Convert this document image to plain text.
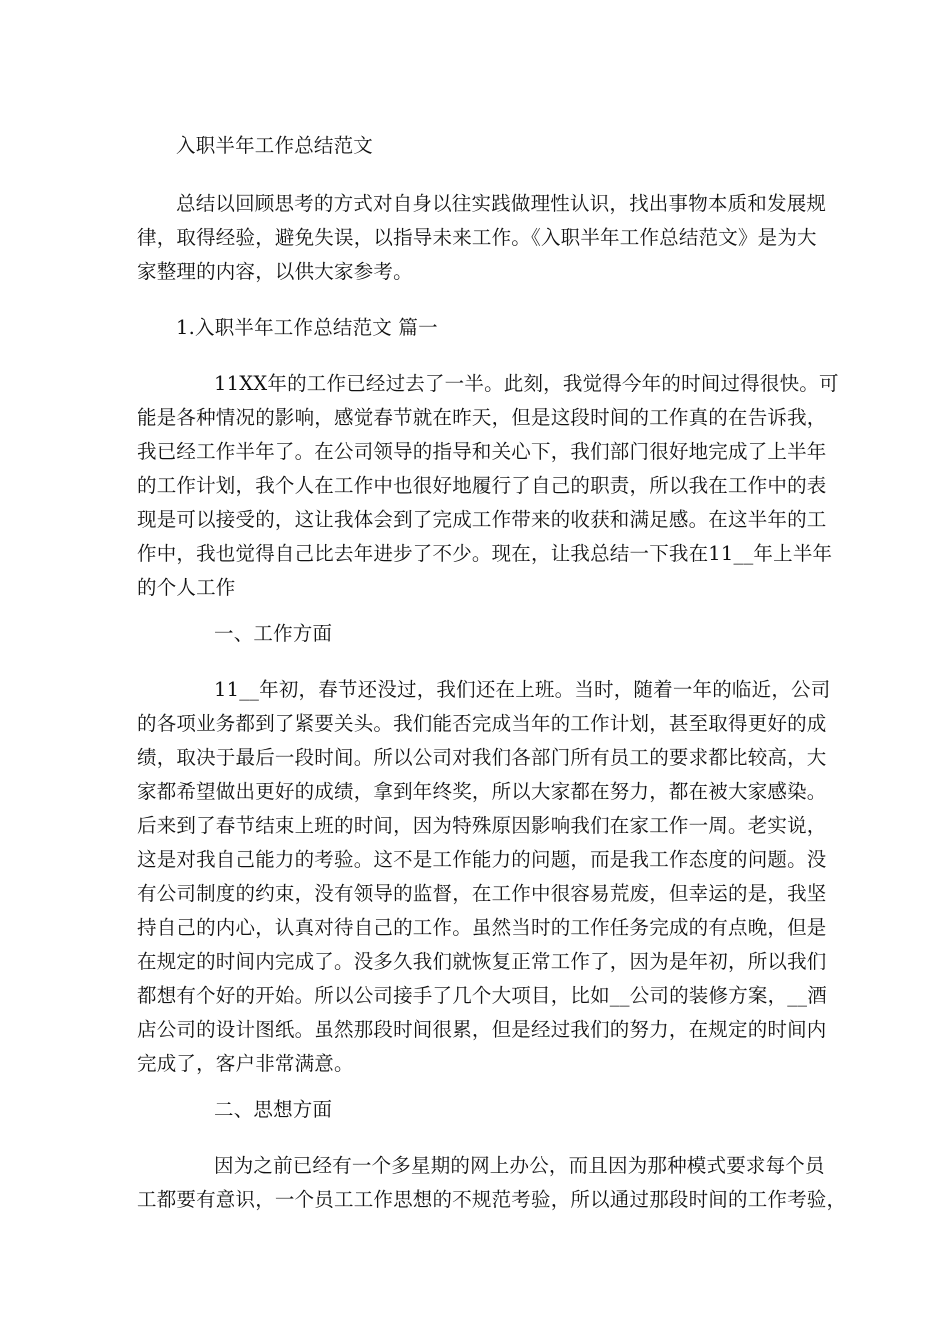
入职半年工作总结范文
总结以回顾思考的方式对自身以往实践做理性认识，找出事物本质和发展规
律，取得经验，避免失误，以指导未来工作。《入职半年工作总结范文》是为大
家整理的内容，以供大家参考。
1.入职半年工作总结范文 篇一
11XX年的工作已经过去了一半。此刻，我觉得今年的时间过得很快。可
能是各种情况的影响，感觉春节就在昨天，但是这段时间的工作真的在告诉我，
我已经工作半年了。在公司领导的指导和关心下，我们部门很好地完成了上半年
的工作计划，我个人在工作中也很好地履行了自己的职责，所以我在工作中的表
现是可以接受的，这让我体会到了完成工作带来的收获和满足感。在这半年的工
作中，我也觉得自己比去年进步了不少。现在，让我总结一下我在11__年上半年
的个人工作
一、工作方面
11__年初，春节还没过，我们还在上班。当时，随着一年的临近，公司
的各项业务都到了紧要关头。我们能否完成当年的工作计划，甚至取得更好的成
绩，取决于最后一段时间。所以公司对我们各部门所有员工的要求都比较高，大
家都希望做出更好的成绩，拿到年终奖，所以大家都在努力，都在被大家感染。
后来到了春节结束上班的时间，因为特殊原因影响我们在家工作一周。老实说，
这是对我自己能力的考验。这不是工作能力的问题，而是我工作态度的问题。没
有公司制度的约束，没有领导的监督，在工作中很容易荒废，但幸运的是，我坚
持自己的内心，认真对待自己的工作。虽然当时的工作任务完成的有点晚，但是
在规定的时间内完成了。没多久我们就恢复正常工作了，因为是年初，所以我们
都想有个好的开始。所以公司接手了几个大项目，比如__公司的装修方案，__酒
店公司的设计图纸。虽然那段时间很累，但是经过我们的努力，在规定的时间内
完成了，客户非常满意。
二、思想方面
因为之前已经有一个多星期的网上办公，而且因为那种模式要求每个员
工都要有意识，一个员工工作思想的不规范考验，所以通过那段时间的工作考验，
